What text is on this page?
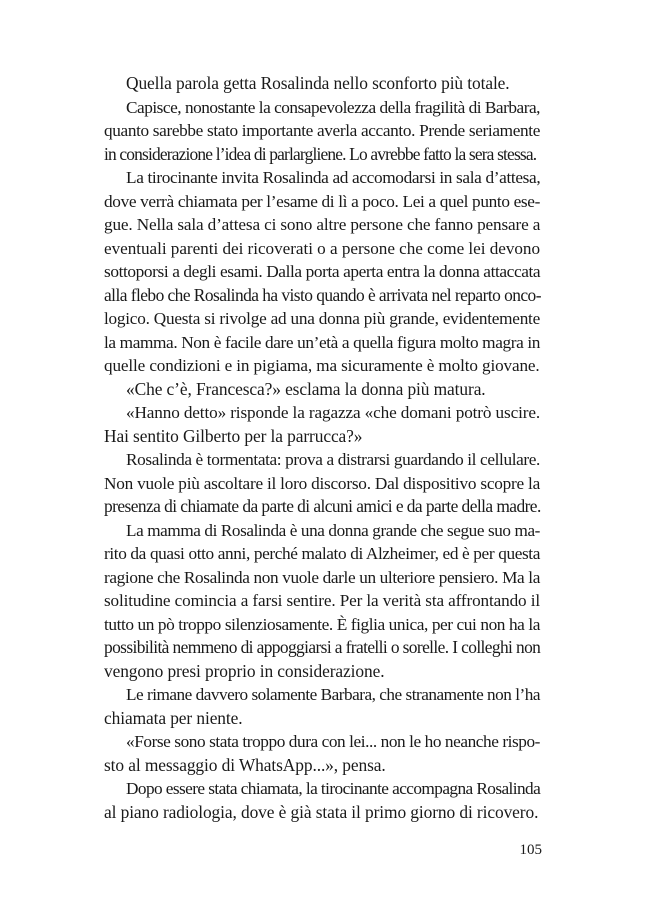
Quella parola getta Rosalinda nello sconforto più totale.
Capisce, nonostante la consapevolezza della fragilità di Barbara,
quanto sarebbe stato importante averla accanto. Prende seriamente
in considerazione l’idea di parlargliene. Lo avrebbe fatto la sera stessa.
La tirocinante invita Rosalinda ad accomodarsi in sala d’attesa,
dove verrà chiamata per l’esame di lì a poco. Lei a quel punto ese-
gue. Nella sala d’attesa ci sono altre persone che fanno pensare a
eventuali parenti dei ricoverati o a persone che come lei devono
sottoporsi a degli esami. Dalla porta aperta entra la donna attaccata
alla flebo che Rosalinda ha visto quando è arrivata nel reparto onco-
logico. Questa si rivolge ad una donna più grande, evidentemente
la mamma. Non è facile dare un’età a quella figura molto magra in
quelle condizioni e in pigiama, ma sicuramente è molto giovane.
«Che c’è, Francesca?» esclama la donna più matura.
«Hanno detto» risponde la ragazza «che domani potrò uscire.
Hai sentito Gilberto per la parrucca?»
Rosalinda è tormentata: prova a distrarsi guardando il cellulare.
Non vuole più ascoltare il loro discorso. Dal dispositivo scopre la
presenza di chiamate da parte di alcuni amici e da parte della madre.
La mamma di Rosalinda è una donna grande che segue suo ma-
rito da quasi otto anni, perché malato di Alzheimer, ed è per questa
ragione che Rosalinda non vuole darle un ulteriore pensiero. Ma la
solitudine comincia a farsi sentire. Per la verità sta affrontando il
tutto un pò troppo silenziosamente. È figlia unica, per cui non ha la
possibilità nemmeno di appoggiarsi a fratelli o sorelle. I colleghi non
vengono presi proprio in considerazione.
Le rimane davvero solamente Barbara, che stranamente non l’ha
chiamata per niente.
«Forse sono stata troppo dura con lei... non le ho neanche rispo-
sto al messaggio di WhatsApp...», pensa.
Dopo essere stata chiamata, la tirocinante accompagna Rosalinda
al piano radiologia, dove è già stata il primo giorno di ricovero.
105
